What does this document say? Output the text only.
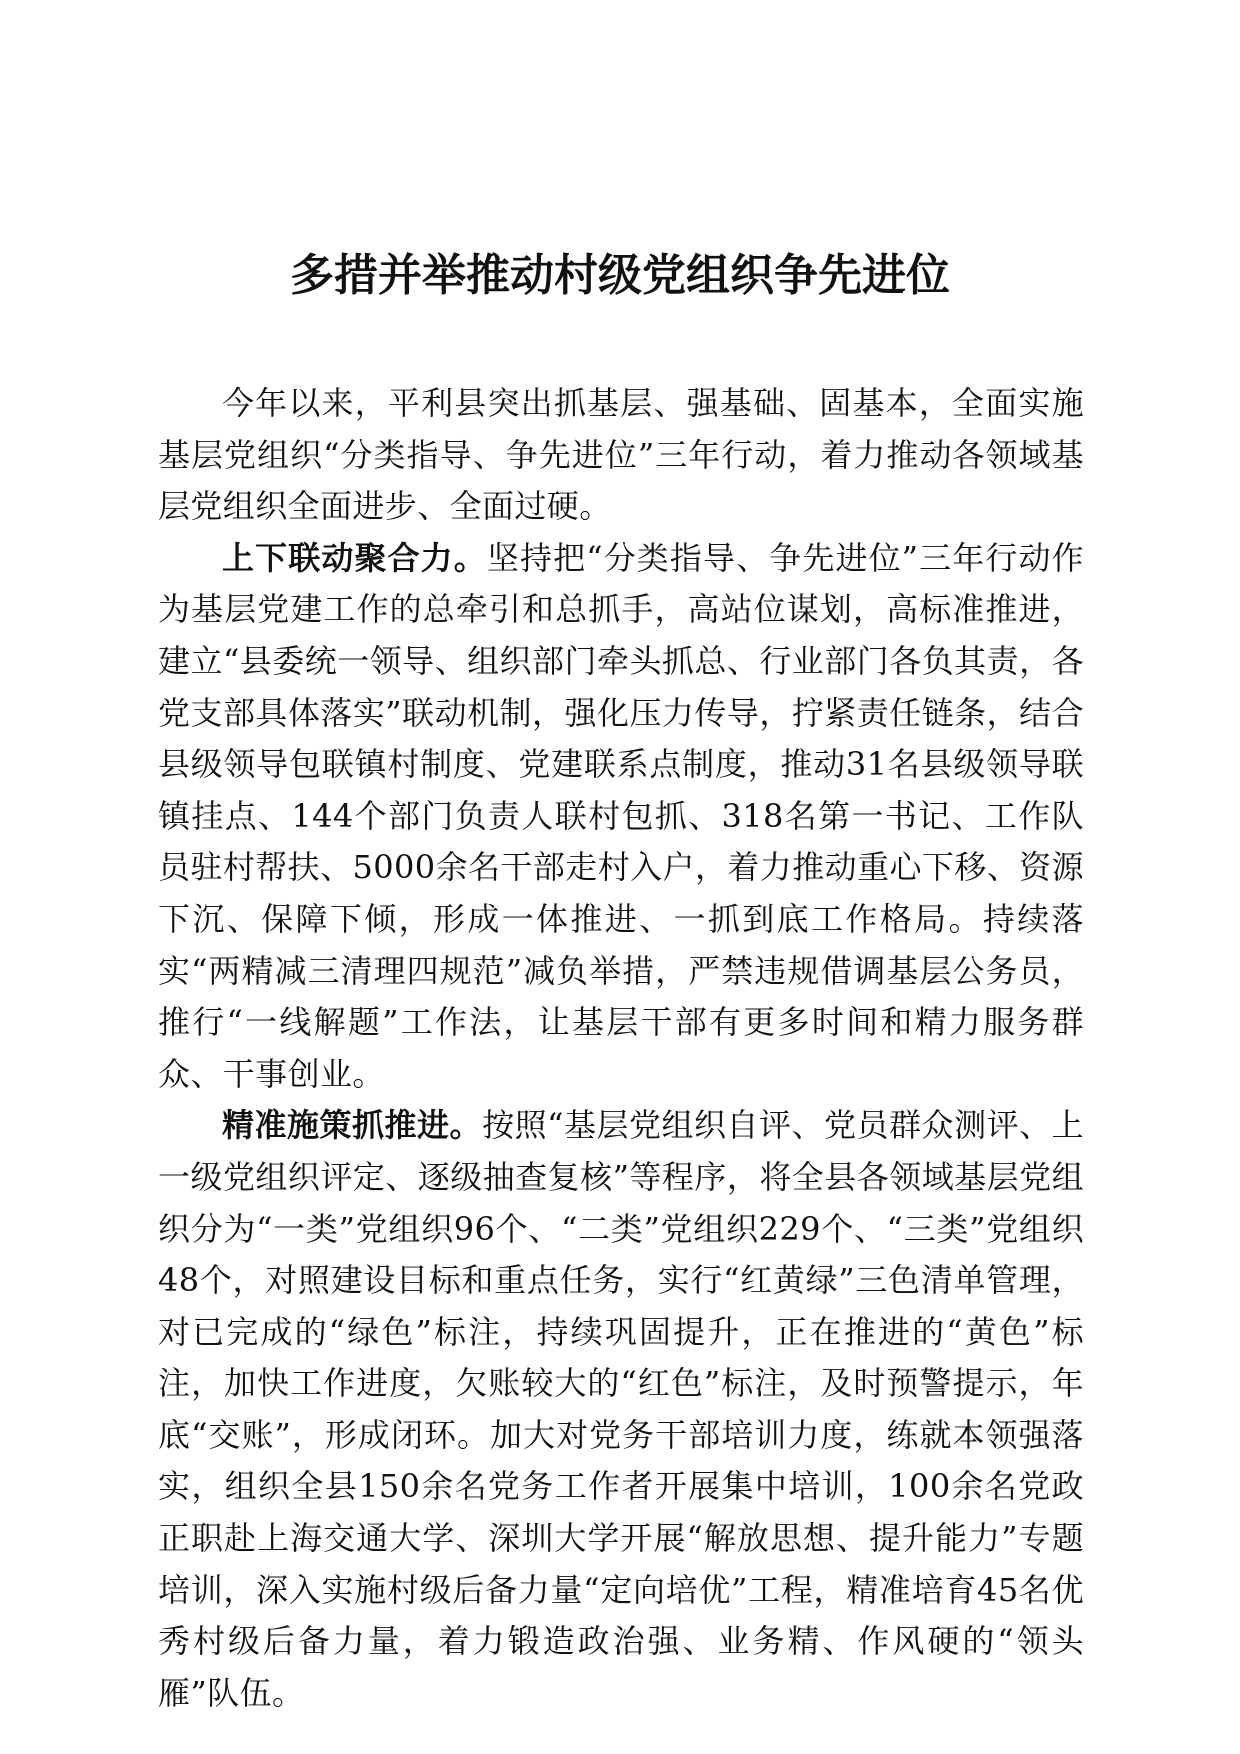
多措并举推动村级党组织争先进位

今年以来，平利县突出抓基层、强基础、固基本，全面实施基层党组织“分类指导、争先进位”三年行动，着力推动各领域基层党组织全面进步、全面过硬。

上下联动聚合力。坚持把“分类指导、争先进位”三年行动作为基层党建工作的总牵引和总抓手，高站位谋划，高标准推进，建立“县委统一领导、组织部门牵头抓总、行业部门各负其责，各党支部具体落实”联动机制，强化压力传导，拧紧责任链条，结合县级领导包联镇村制度、党建联系点制度，推动31名县级领导联镇挂点、144个部门负责人联村包抓、318名第一书记、工作队员驻村帮扶、5000余名干部走村入户，着力推动重心下移、资源下沉、保障下倾，形成一体推进、一抓到底工作格局。持续落实“两精减三清理四规范”减负举措，严禁违规借调基层公务员，推行“一线解题”工作法，让基层干部有更多时间和精力服务群众、干事创业。

精准施策抓推进。按照“基层党组织自评、党员群众测评、上一级党组织评定、逐级抽查复核”等程序，将全县各领域基层党组织分为“一类”党组织96个、“二类”党组织229个、“三类”党组织48个，对照建设目标和重点任务，实行“红黄绿”三色清单管理，对已完成的“绿色”标注，持续巩固提升，正在推进的“黄色”标注，加快工作进度，欠账较大的“红色”标注，及时预警提示，年底“交账”，形成闭环。加大对党务干部培训力度，练就本领强落实，组织全县150余名党务工作者开展集中培训，100余名党政正职赴上海交通大学、深圳大学开展“解放思想、提升能力”专题培训，深入实施村级后备力量“定向培优”工程，精准培育45名优秀村级后备力量，着力锻造政治强、业务精、作风硬的“领头雁”队伍。
